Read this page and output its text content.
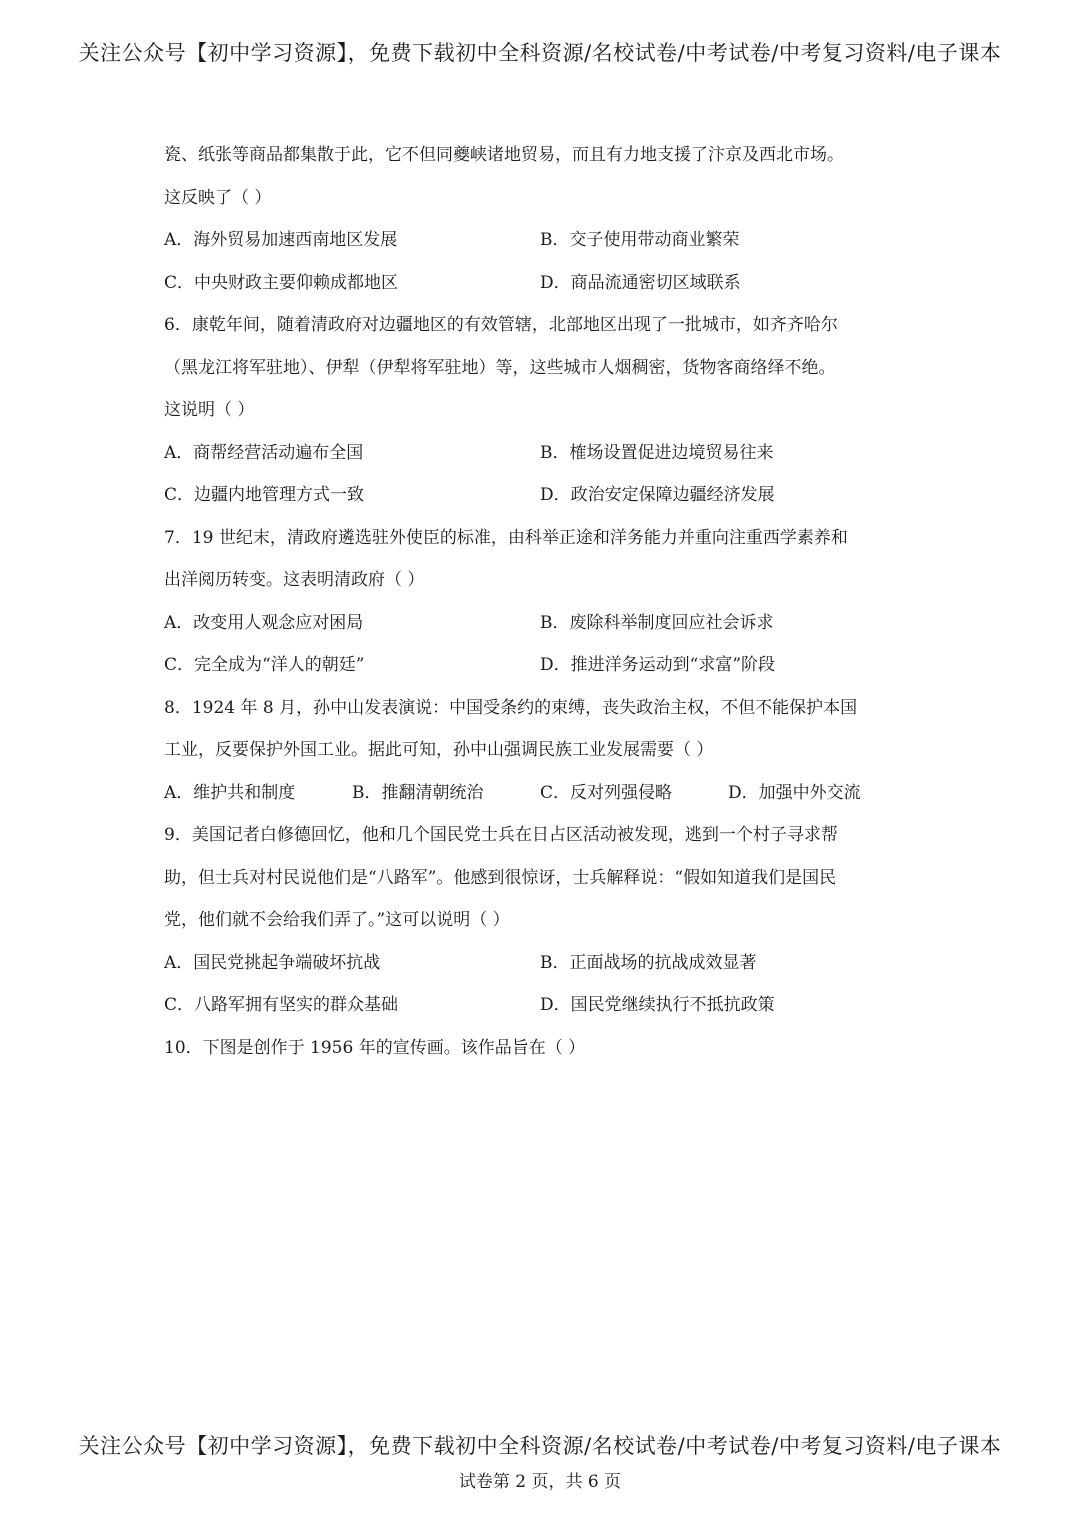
关注公众号【初中学习资源】，免费下载初中全科资源/名校试卷/中考试卷/中考复习资料/电子课本
瓷、纸张等商品都集散于此，它不但同夔峡诸地贸易，而且有力地支援了汴京及西北市场。
这反映了（ ）
A．海外贸易加速西南地区发展	B．交子使用带动商业繁荣
C．中央财政主要仰赖成都地区	D．商品流通密切区域联系
6．康乾年间，随着清政府对边疆地区的有效管辖，北部地区出现了一批城市，如齐齐哈尔
（黑龙江将军驻地）、伊犁（伊犁将军驻地）等，这些城市人烟稠密，货物客商络绎不绝。
这说明（ ）
A．商帮经营活动遍布全国	B．榷场设置促进边境贸易往来
C．边疆内地管理方式一致	D．政治安定保障边疆经济发展
7．19 世纪末，清政府遴选驻外使臣的标准，由科举正途和洋务能力并重向注重西学素养和
出洋阅历转变。这表明清政府（ ）
A．改变用人观念应对困局	B．废除科举制度回应社会诉求
C．完全成为“洋人的朝廷”	D．推进洋务运动到“求富”阶段
8．1924 年 8 月，孙中山发表演说：中国受条约的束缚，丧失政治主权，不但不能保护本国
工业，反要保护外国工业。据此可知，孙中山强调民族工业发展需要（ ）
A．维护共和制度	B．推翻清朝统治	C．反对列强侵略	D．加强中外交流
9．美国记者白修德回忆，他和几个国民党士兵在日占区活动被发现，逃到一个村子寻求帮
助，但士兵对村民说他们是“八路军”。他感到很惊讶，士兵解释说：“假如知道我们是国民
党，他们就不会给我们弄了。”这可以说明（ ）
A．国民党挑起争端破坏抗战	B．正面战场的抗战成效显著
C．八路军拥有坚实的群众基础	D．国民党继续执行不抵抗政策
10．下图是创作于 1956 年的宣传画。该作品旨在（ ）
关注公众号【初中学习资源】，免费下载初中全科资源/名校试卷/中考试卷/中考复习资料/电子课本
试卷第 2 页，共 6 页
